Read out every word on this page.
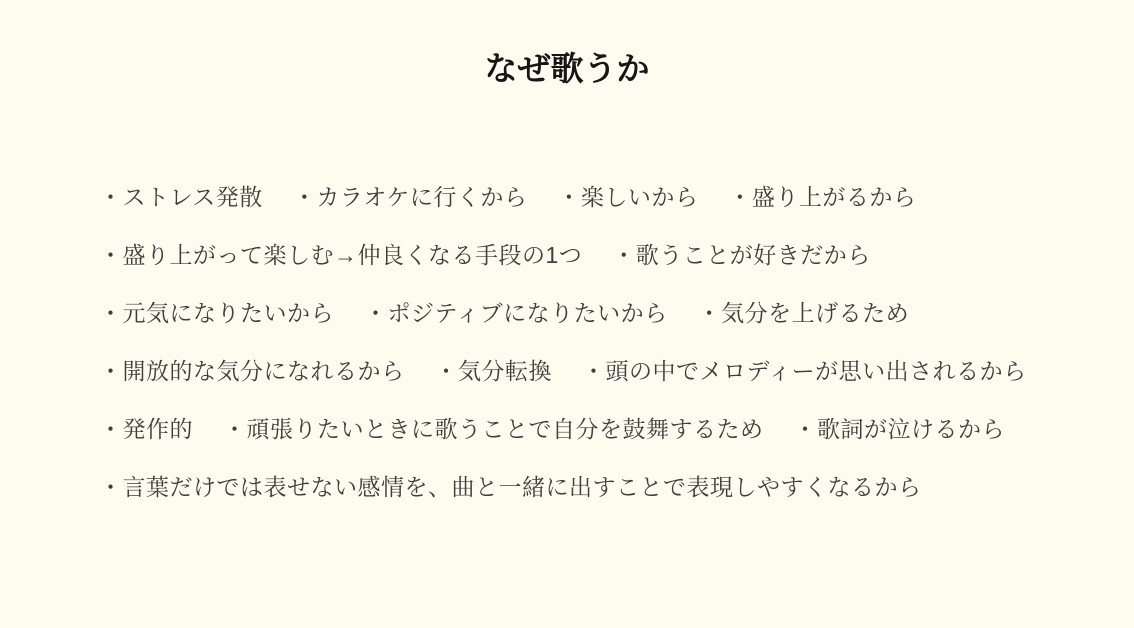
なぜ歌うか
・ストレス発散 ・カラオケに行くから ・楽しいから ・盛り上がるから
・盛り上がって楽しむ→仲良くなる手段の1つ ・歌うことが好きだから
・元気になりたいから ・ポジティブになりたいから ・気分を上げるため
・開放的な気分になれるから ・気分転換 ・頭の中でメロディーが思い出されるから
・発作的 ・頑張りたいときに歌うことで自分を鼓舞するため ・歌詞が泣けるから
・言葉だけでは表せない感情を、曲と一緒に出すことで表現しやすくなるから
